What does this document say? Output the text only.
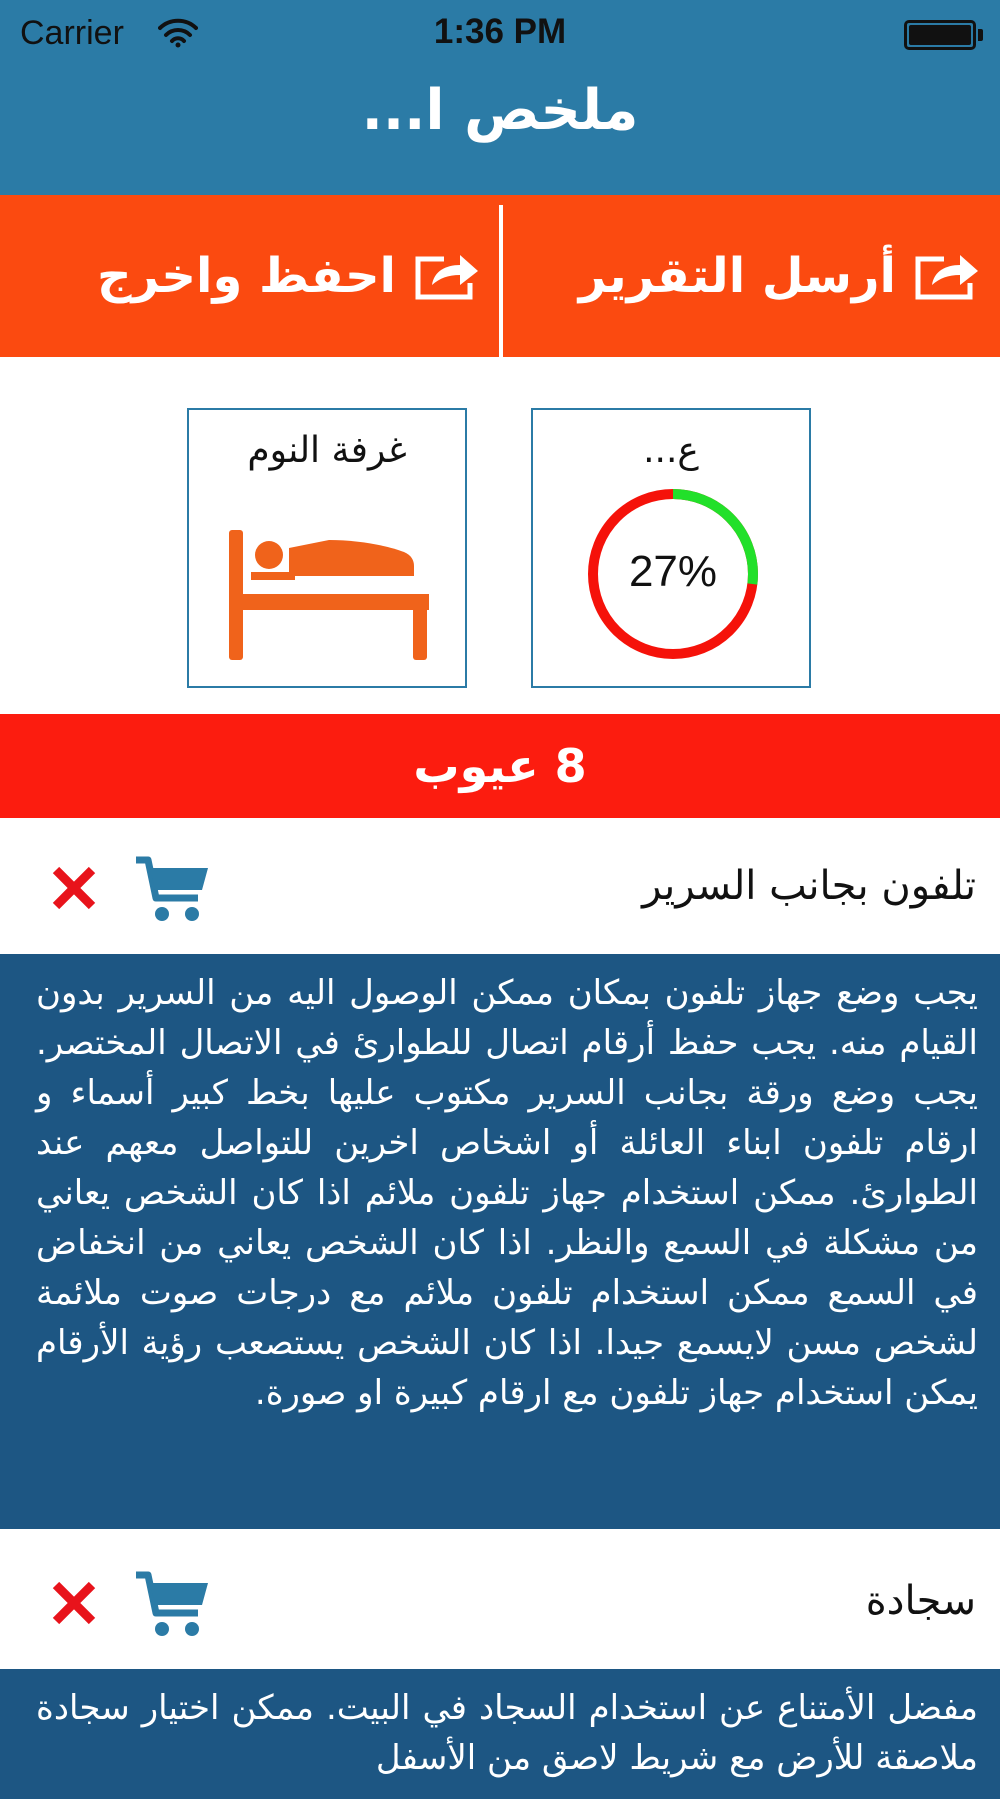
Carrier	1:36 PM
ملخص ا...
أرسل التقرير
احفظ واخرج
ع...
27%
غرفة النوم
8 عيوب
تلفون بجانب السرير
يجب وضع جهاز تلفون بمكان ممكن الوصول اليه من السرير بدون القيام منه. يجب حفظ أرقام اتصال للطوارئ في الاتصال المختصر. يجب وضع ورقة بجانب السرير مكتوب عليها بخط كبير أسماء و ارقام تلفون ابناء العائلة أو اشخاص اخرين للتواصل معهم عند الطوارئ. ممكن استخدام جهاز تلفون ملائم اذا كان الشخص يعاني من مشكلة في السمع والنظر. اذا كان الشخص يعاني من انخفاض في السمع ممكن استخدام تلفون ملائم مع درجات صوت ملائمة لشخص مسن لايسمع جيدا. اذا كان الشخص يستصعب رؤية الأرقام يمكن استخدام جهاز تلفون مع ارقام كبيرة او صورة.
سجادة
مفضل الأمتناع عن استخدام السجاد في البيت. ممكن اختيار سجادة ملاصقة للأرض مع شريط لاصق من الأسفل
